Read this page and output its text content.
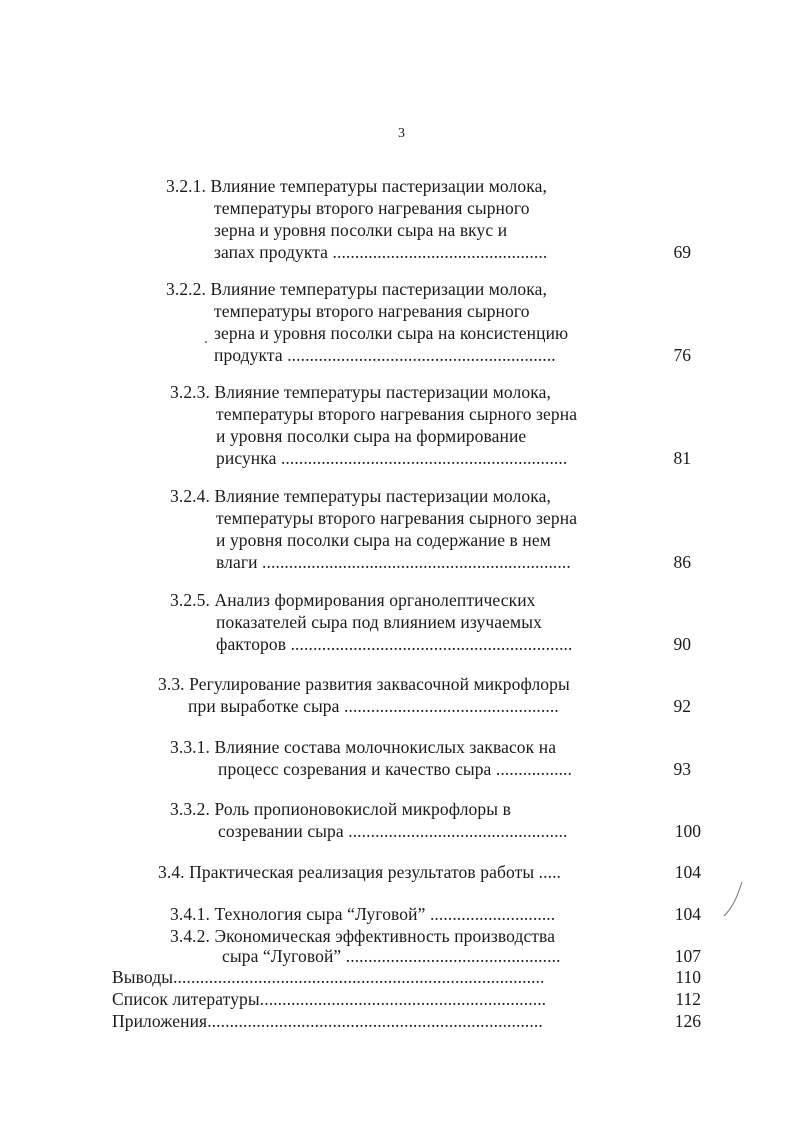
3
3.2.1. Влияние температуры пастеризации молока,
температуры второго нагревания сырного
зерна и уровня посолки сыра на вкус и
запах продукта ................................................	69
3.2.2. Влияние температуры пастеризации молока,
температуры второго нагревания сырного
зерна и уровня посолки сыра на консистенцию
продукта ............................................................	76
3.2.3. Влияние температуры пастеризации молока,
температуры второго нагревания сырного зерна
и уровня посолки сыра на формирование
рисунка ................................................................	81
3.2.4. Влияние температуры пастеризации молока,
температуры второго нагревания сырного зерна
и уровня посолки сыра на содержание в нем
влаги .....................................................................	86
3.2.5. Анализ формирования органолептических
показателей сыра под влиянием изучаемых
факторов ...............................................................	90
3.3. Регулирование развития заквасочной микрофлоры
при выработке сыра ................................................	92
3.3.1. Влияние состава молочнокислых заквасок на
процесс созревания и качество сыра .................	93
3.3.2. Роль пропионовокислой микрофлоры в
созревании сыра .................................................	100
3.4. Практическая реализация результатов работы .....	104
3.4.1. Технология сыра “Луговой” ............................	104
3.4.2. Экономическая эффективность производства
сыра “Луговой” ................................................	107
Выводы...................................................................................	110
Список литературы................................................................	112
Приложения...........................................................................	126
